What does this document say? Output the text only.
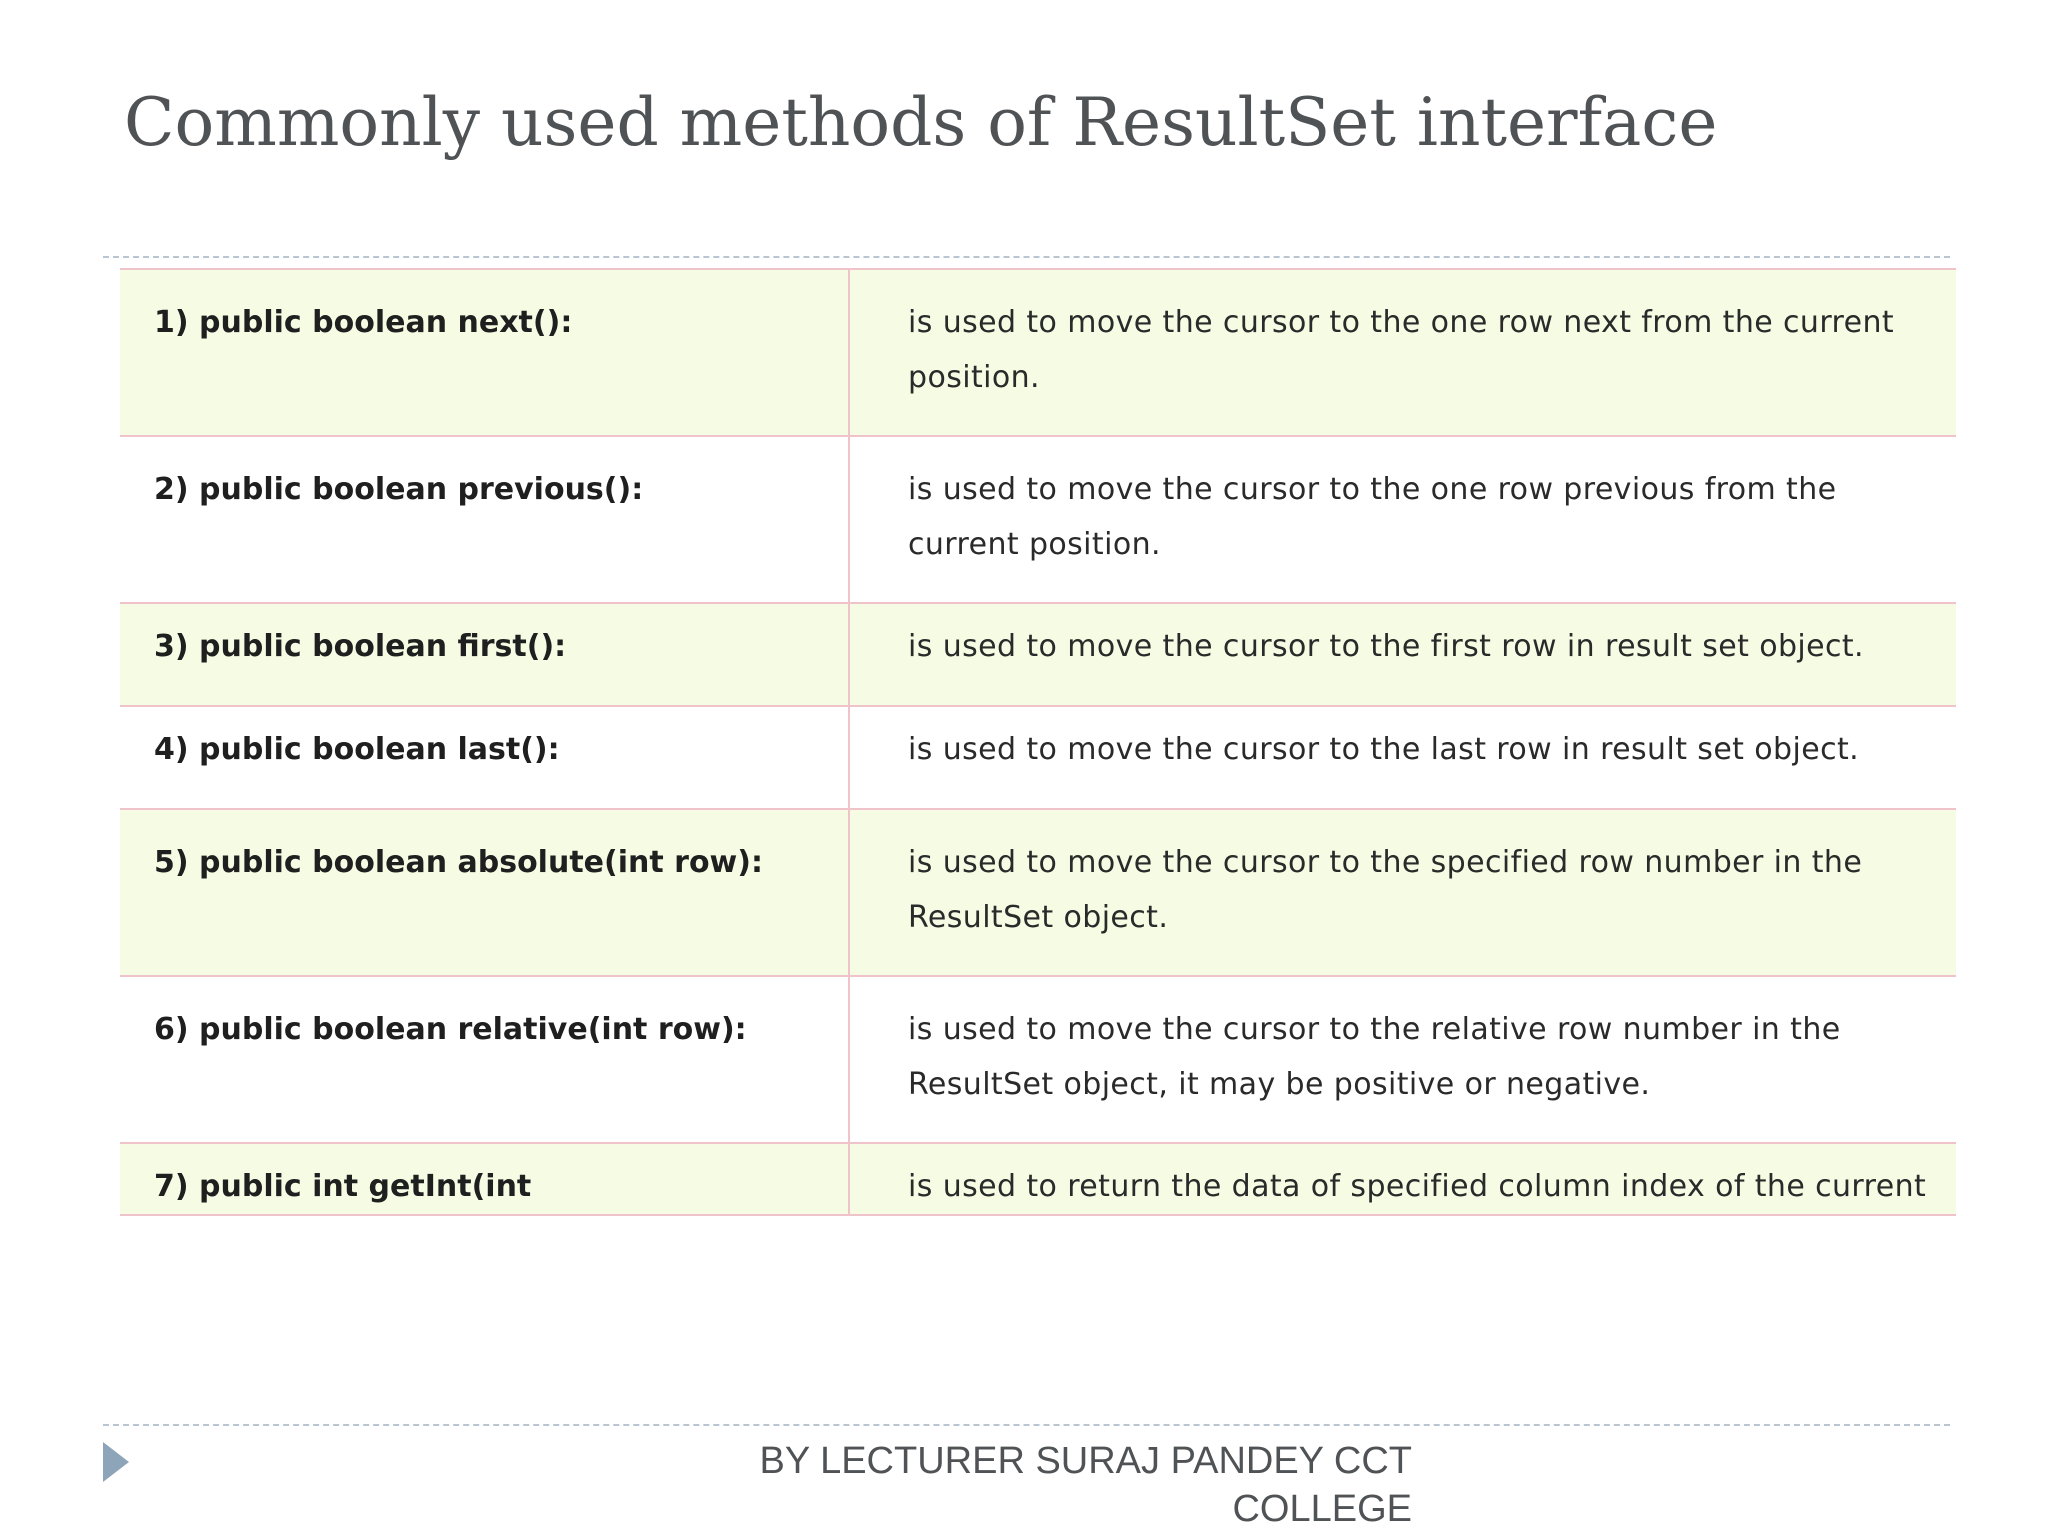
Commonly used methods of ResultSet interface
1) public boolean next():	is used to move the cursor to the one row next from the current position.
2) public boolean previous():	is used to move the cursor to the one row previous from the current position.
3) public boolean first():	is used to move the cursor to the first row in result set object.
4) public boolean last():	is used to move the cursor to the last row in result set object.
5) public boolean absolute(int row):	is used to move the cursor to the specified row number in the ResultSet object.
6) public boolean relative(int row):	is used to move the cursor to the relative row number in the ResultSet object, it may be positive or negative.
7) public int getInt(int	is used to return the data of specified column index of the current
BY LECTURER SURAJ PANDEY CCT
COLLEGE
